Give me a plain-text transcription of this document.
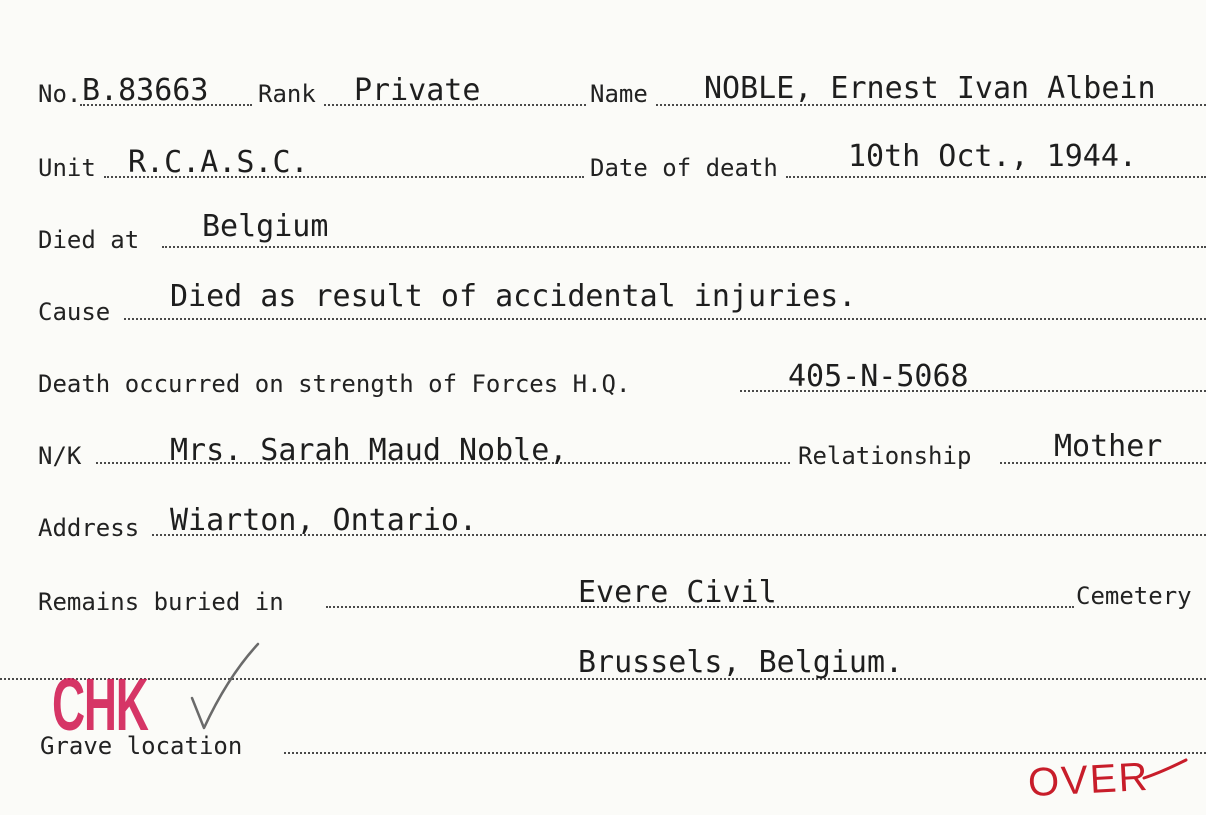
No. B.83663 Rank Private	Name NOBLE, Ernest Ivan Albein
Unit R.C.A.S.C.	Date of death 10th Oct., 1944.
Died at Belgium
Cause Died as result of accidental injuries.
Death occurred on strength of Forces H.Q.	405-N-5068
N/K	Mrs. Sarah Maud Noble,	Relationship	Mother
Address Wiarton, Ontario.
Remains buried in	Evere Civil	Cemetery
Brussels, Belgium.
Grave location
CHK
OVER
